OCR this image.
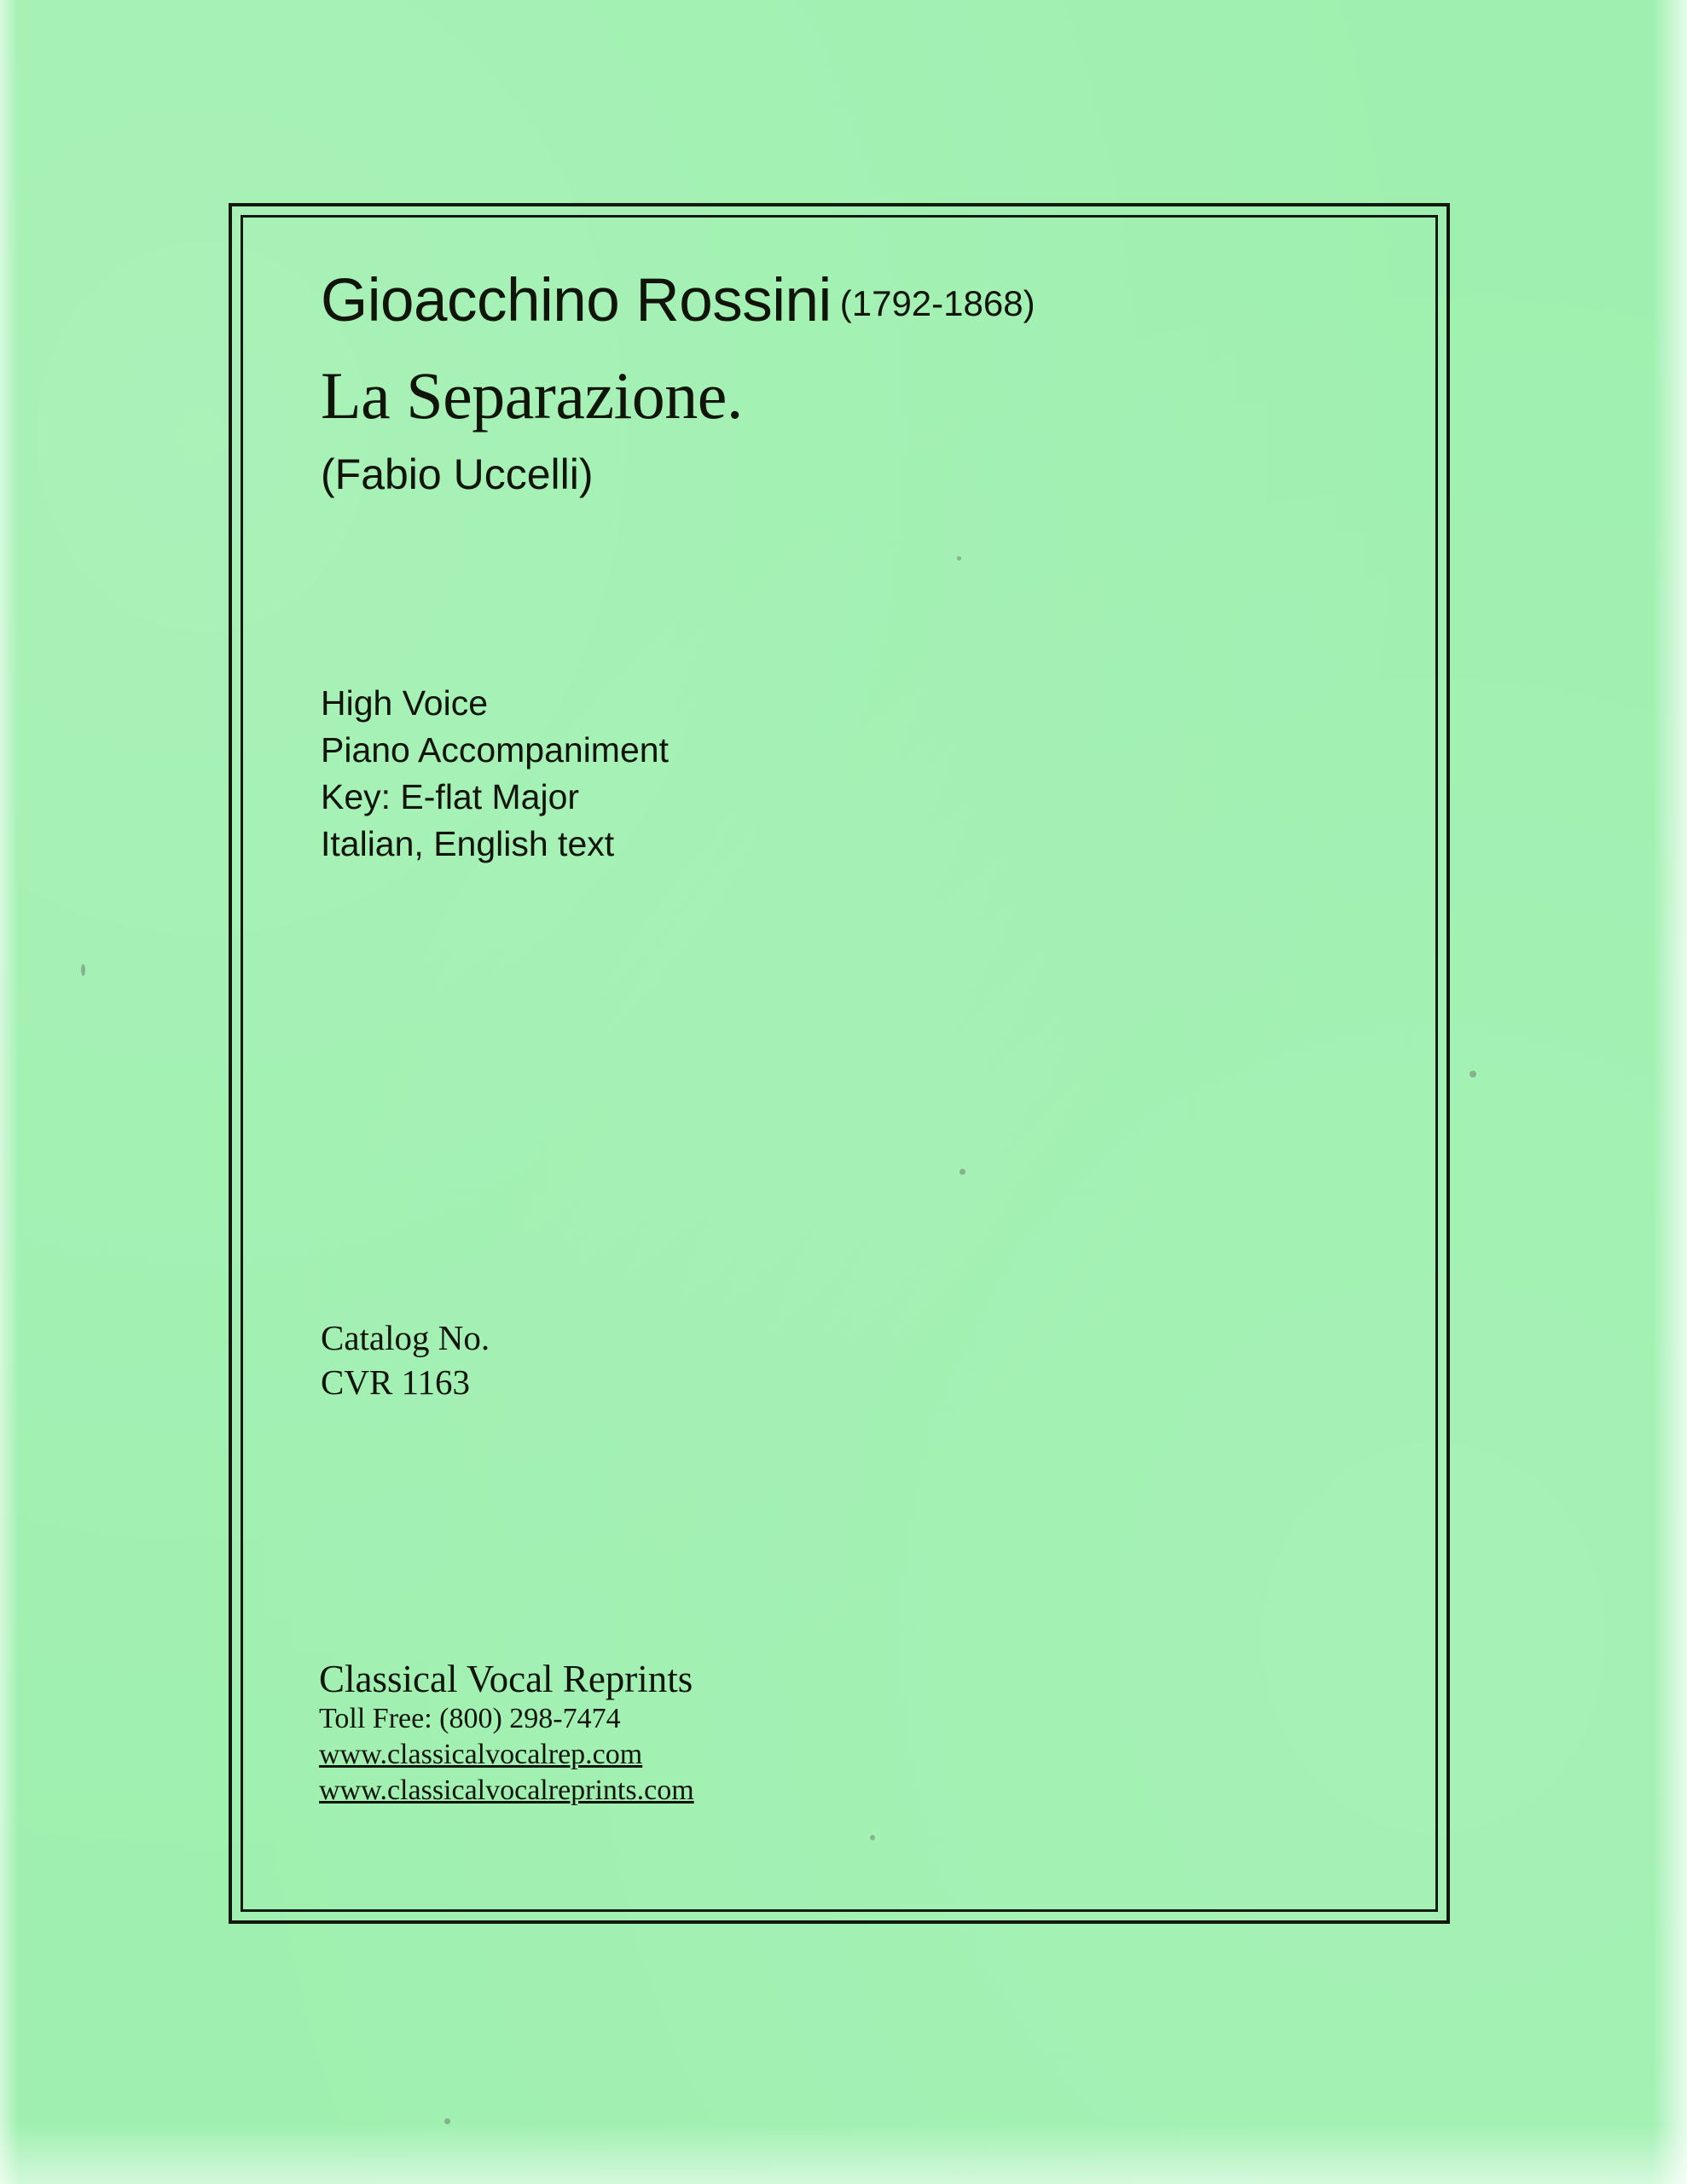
Gioacchino Rossini (1792-1868)
La Separazione.
(Fabio Uccelli)
High Voice
Piano Accompaniment
Key: E-flat Major
Italian, English text
Catalog No.
CVR 1163
Classical Vocal Reprints
Toll Free: (800) 298-7474
www.classicalvocalrep.com
www.classicalvocalreprints.com
